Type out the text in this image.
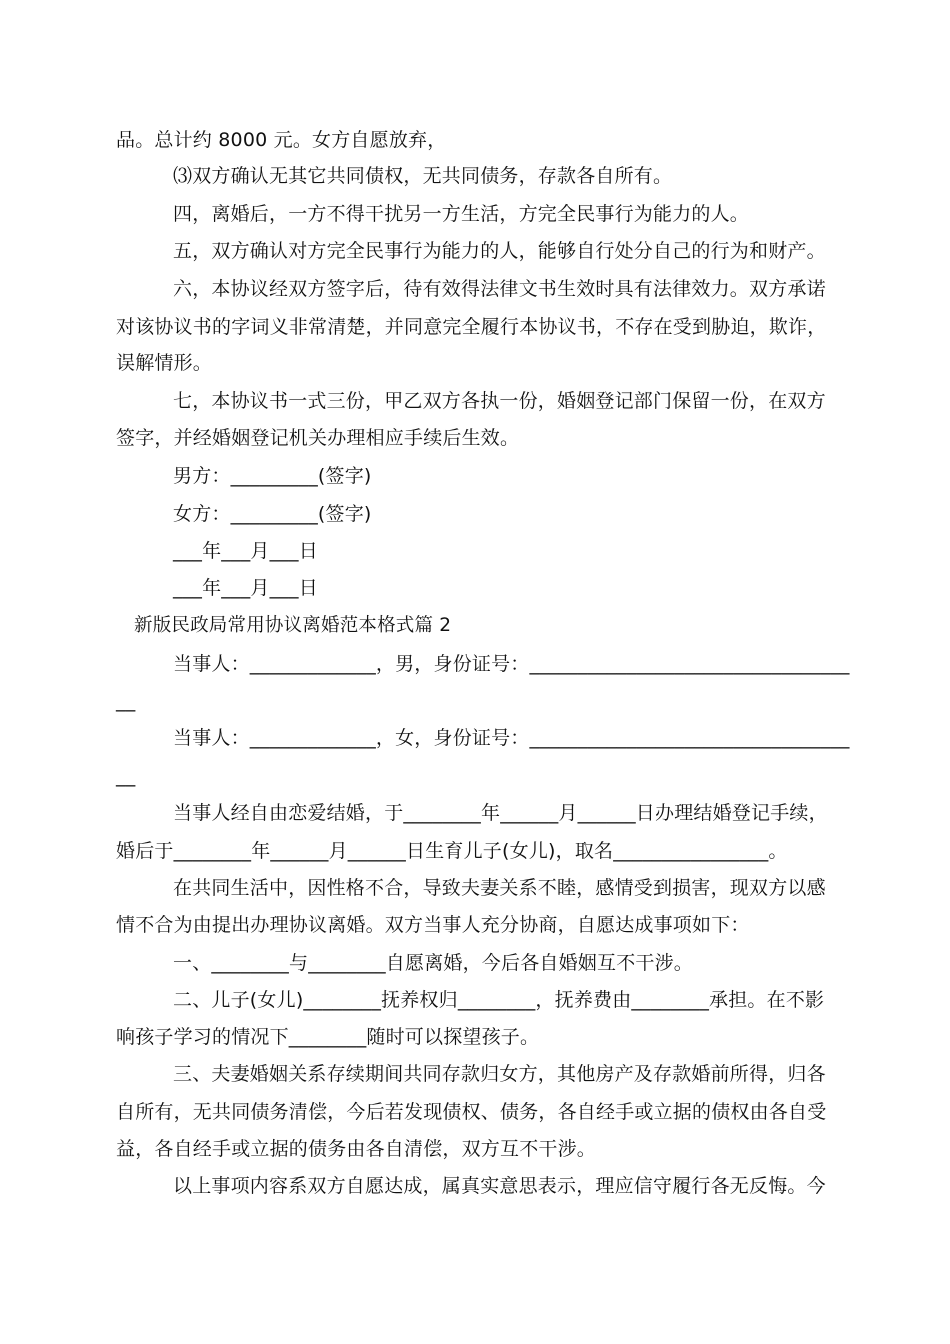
品。总计约 8000 元。女方自愿放弃，
⑶双方确认无其它共同债权，无共同债务，存款各自所有。
四，离婚后，一方不得干扰另一方生活，方完全民事行为能力的人。
五，双方确认对方完全民事行为能力的人，能够自行处分自己的行为和财产。
六，本协议经双方签字后，待有效得法律文书生效时具有法律效力。双方承诺
对该协议书的字词义非常清楚，并同意完全履行本协议书，不存在受到胁迫，欺诈，
误解情形。
七，本协议书一式三份，甲乙双方各执一份，婚姻登记部门保留一份，在双方
签字，并经婚姻登记机关办理相应手续后生效。
男方：_________(签字)
女方：_________(签字)
___年___月___日
___年___月___日
新版民政局常用协议离婚范本格式篇 2
当事人：_____________，男，身份证号：_________________________________
__
当事人：_____________，女，身份证号：_________________________________
__
当事人经自由恋爱结婚，于________年______月______日办理结婚登记手续，
婚后于________年______月______日生育儿子(女儿)，取名________________。
在共同生活中，因性格不合，导致夫妻关系不睦，感情受到损害，现双方以感
情不合为由提出办理协议离婚。双方当事人充分协商，自愿达成事项如下：
一、________与________自愿离婚，今后各自婚姻互不干涉。
二、儿子(女儿)________抚养权归________，抚养费由________承担。在不影
响孩子学习的情况下________随时可以探望孩子。
三、夫妻婚姻关系存续期间共同存款归女方，其他房产及存款婚前所得，归各
自所有，无共同债务清偿，今后若发现债权、债务，各自经手或立据的债权由各自受
益，各自经手或立据的债务由各自清偿，双方互不干涉。
以上事项内容系双方自愿达成，属真实意思表示，理应信守履行各无反悔。今
